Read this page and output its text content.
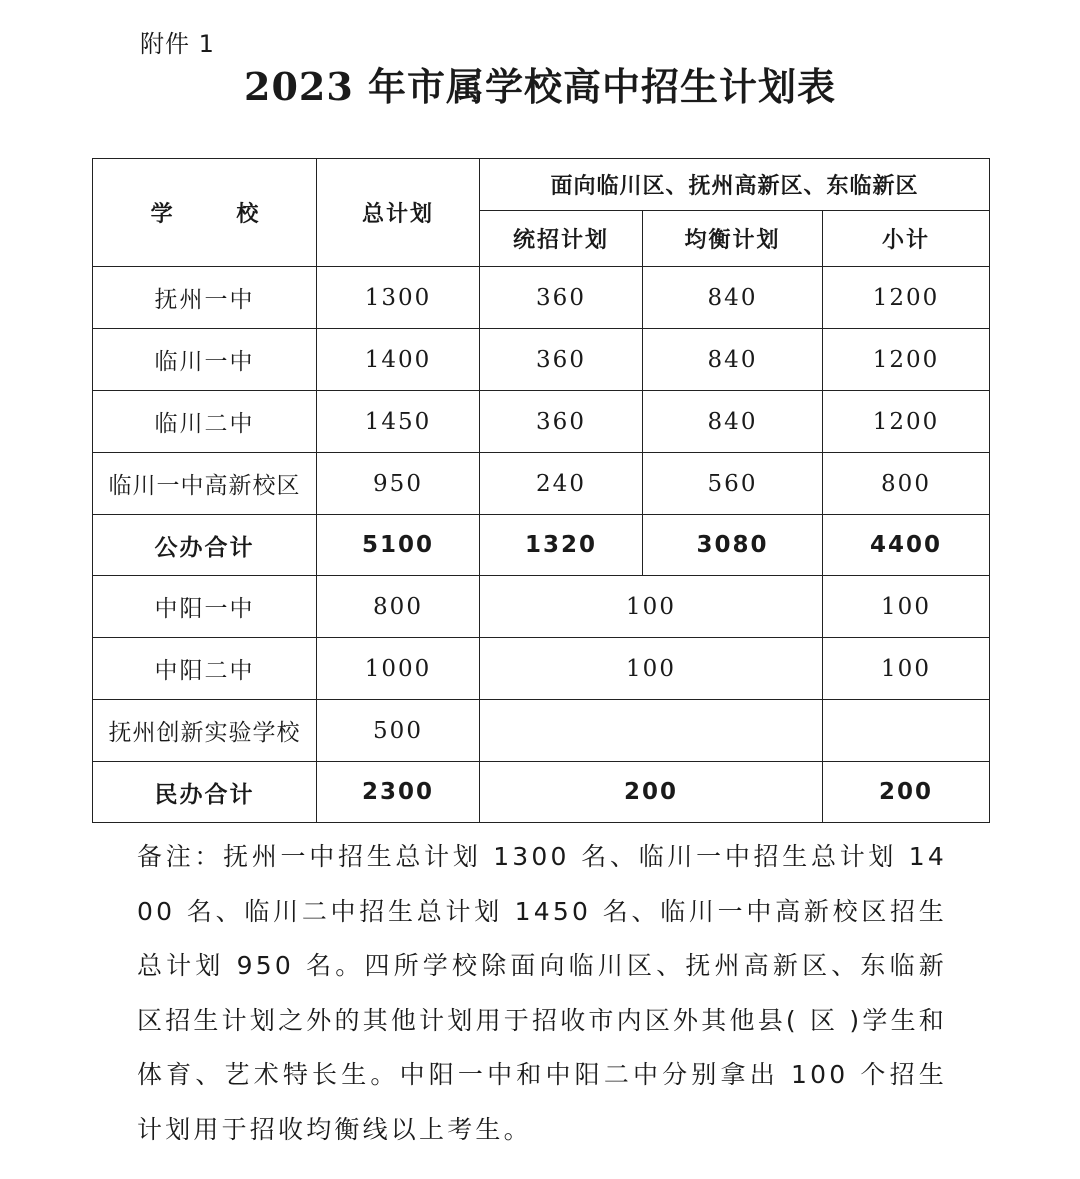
附件 1
2023 年市属学校高中招生计划表
学 校	总计划	面向临川区、抚州高新区、东临新区		
		统招计划	均衡计划	小计
抚州一中	1300	360	840	1200
临川一中	1400	360	840	1200
临川二中	1450	360	840	1200
临川一中高新校区	950	240	560	800
公办合计	5100	1320	3080	4400
中阳一中	800	100		100
中阳二中	1000	100		100
抚州创新实验学校	500			
民办合计	2300	200		200
备注：抚州一中招生总计划 1300 名、临川一中招生总计划 1400 名、临川二中招生总计划 1450 名、临川一中高新校区招生总计划 950 名。四所学校除面向临川区、抚州高新区、东临新区招生计划之外的其他计划用于招收市内区外其他县( 区 )学生和体育、艺术特长生。中阳一中和中阳二中分别拿出 100 个招生计划用于招收均衡线以上考生。
